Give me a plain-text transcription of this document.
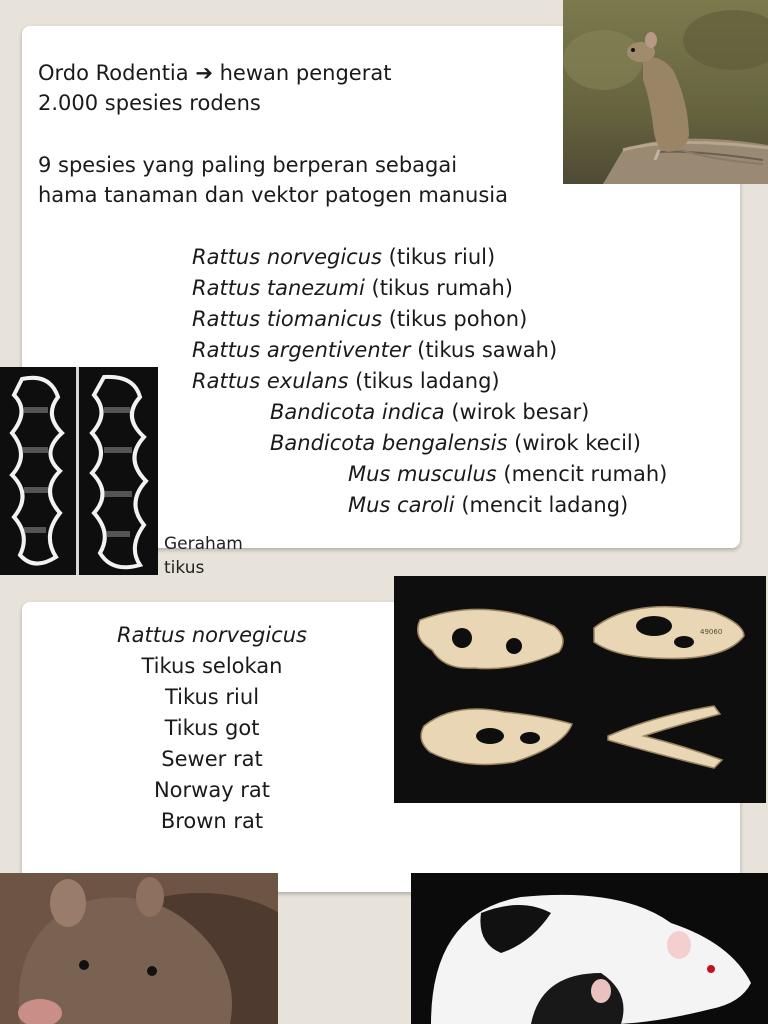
Ordo Rodentia ➔ hewan pengerat
2.000 spesies rodens
9 spesies yang paling berperan sebagai
hama tanaman dan vektor patogen manusia
Rattus norvegicus (tikus riul)
Rattus tanezumi (tikus rumah)
Rattus tiomanicus (tikus pohon)
Rattus argentiventer (tikus sawah)
Rattus exulans (tikus ladang)
Bandicota indica (wirok besar)
Bandicota bengalensis (wirok kecil)
Mus musculus (mencit rumah)
Mus caroli (mencit ladang)
Geraham
tikus
Rattus norvegicus
Tikus selokan
Tikus riul
Tikus got
Sewer rat
Norway rat
Brown rat
49060
